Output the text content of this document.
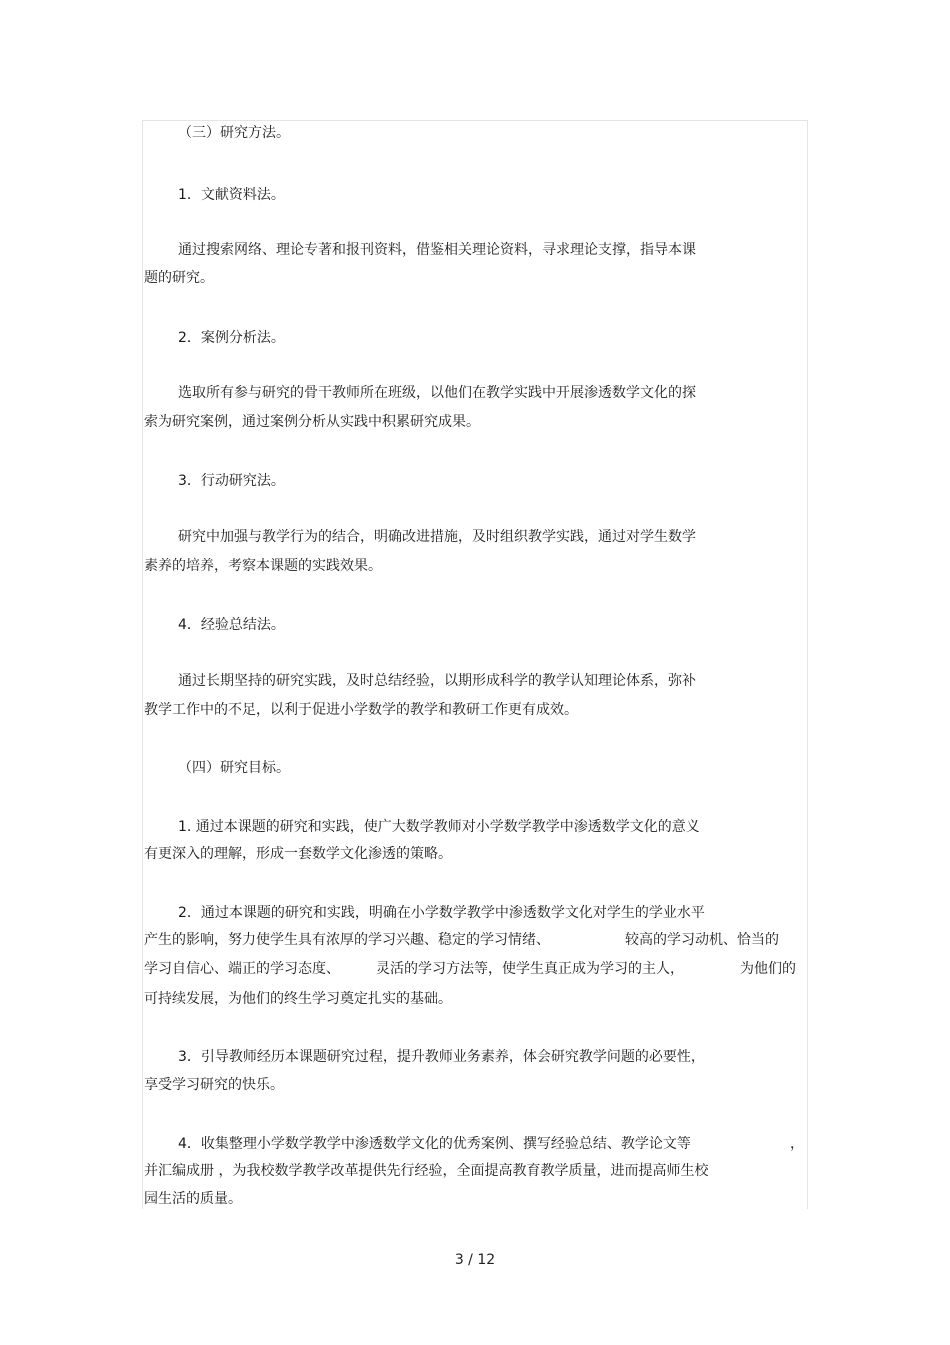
（三）研究方法。
1．文献资料法。
通过搜索网络、理论专著和报刊资料，借鉴相关理论资料，寻求理论支撑，指导本课
题的研究。
2．案例分析法。
选取所有参与研究的骨干教师所在班级，以他们在教学实践中开展渗透数学文化的探
索为研究案例，通过案例分析从实践中积累研究成果。
3．行动研究法。
研究中加强与教学行为的结合，明确改进措施，及时组织教学实践，通过对学生数学
素养的培养，考察本课题的实践效果。
4．经验总结法。
通过长期坚持的研究实践，及时总结经验，以期形成科学的教学认知理论体系，弥补
教学工作中的不足，以利于促进小学数学的教学和教研工作更有成效。
（四）研究目标。
1. 通过本课题的研究和实践，使广大数学教师对小学数学教学中渗透数学文化的意义
有更深入的理解，形成一套数学文化渗透的策略。
2．通过本课题的研究和实践，明确在小学数学教学中渗透数学文化对学生的学业水平
产生的影响，努力使学生具有浓厚的学习兴趣、稳定的学习情绪、	较高的学习动机、恰当的
学习自信心、端正的学习态度、	灵活的学习方法等，使学生真正成为学习的主人，	为他们的
可持续发展，为他们的终生学习奠定扎实的基础。
3．引导教师经历本课题研究过程，提升教师业务素养，体会研究教学问题的必要性，
享受学习研究的快乐。
4．收集整理小学数学教学中渗透数学文化的优秀案例、撰写经验总结、教学论文等	，
并汇编成册 ，为我校数学教学改革提供先行经验，全面提高教育教学质量，进而提高师生校
园生活的质量。
3 / 12
